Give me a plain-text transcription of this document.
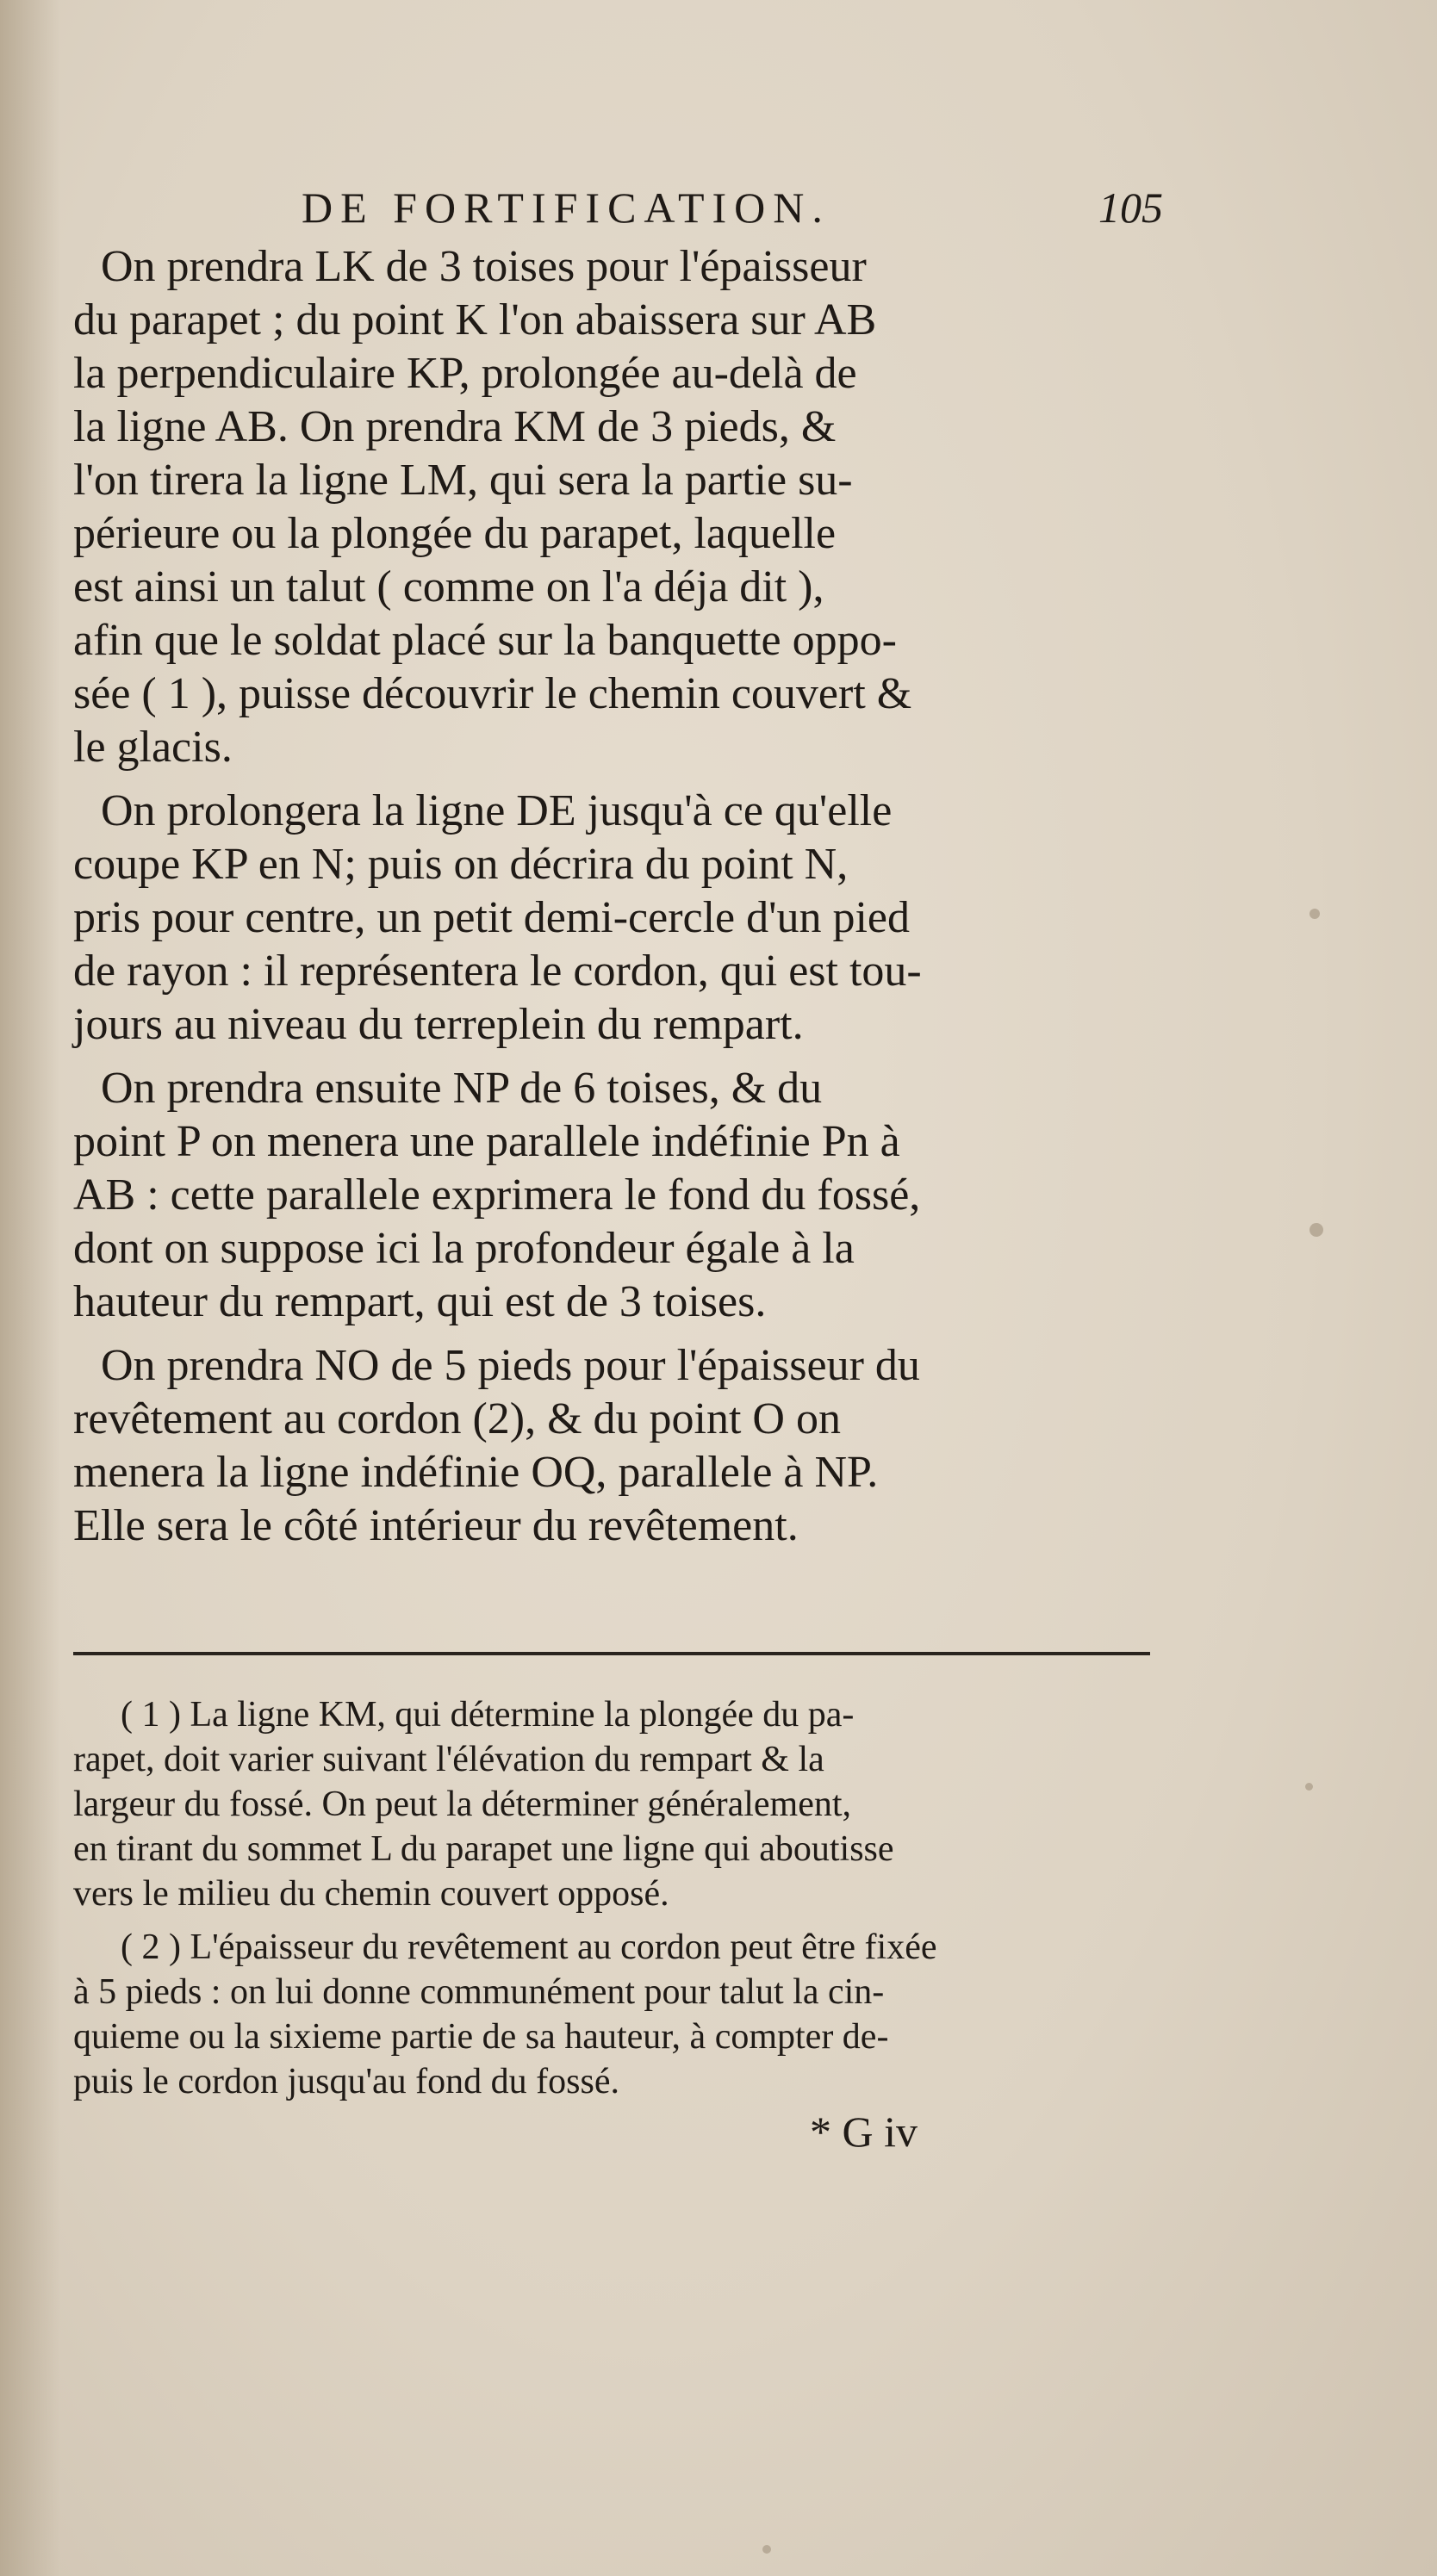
DE FORTIFICATION.	105
On prendra LK de 3 toises pour l'épaisseur
du parapet ; du point K l'on abaissera sur AB
la perpendiculaire KP, prolongée au-delà de
la ligne AB. On prendra KM de 3 pieds, &
l'on tirera la ligne LM, qui sera la partie su-
périeure ou la plongée du parapet, laquelle
est ainsi un talut ( comme on l'a déja dit ),
afin que le soldat placé sur la banquette oppo-
sée ( 1 ), puisse découvrir le chemin couvert &
le glacis.
On prolongera la ligne DE jusqu'à ce qu'elle
coupe KP en N; puis on décrira du point N,
pris pour centre, un petit demi-cercle d'un pied
de rayon : il représentera le cordon, qui est tou-
jours au niveau du terreplein du rempart.
On prendra ensuite NP de 6 toises, & du
point P on menera une parallele indéfinie Pn à
AB : cette parallele exprimera le fond du fossé,
dont on suppose ici la profondeur égale à la
hauteur du rempart, qui est de 3 toises.
On prendra NO de 5 pieds pour l'épaisseur du
revêtement au cordon (2), & du point O on
menera la ligne indéfinie OQ, parallele à NP.
Elle sera le côté intérieur du revêtement.
( 1 ) La ligne KM, qui détermine la plongée du pa-
rapet, doit varier suivant l'élévation du rempart & la
largeur du fossé. On peut la déterminer généralement,
en tirant du sommet L du parapet une ligne qui aboutisse
vers le milieu du chemin couvert opposé.
( 2 ) L'épaisseur du revêtement au cordon peut être fixée
à 5 pieds : on lui donne communément pour talut la cin-
quieme ou la sixieme partie de sa hauteur, à compter de-
puis le cordon jusqu'au fond du fossé.
* G iv
